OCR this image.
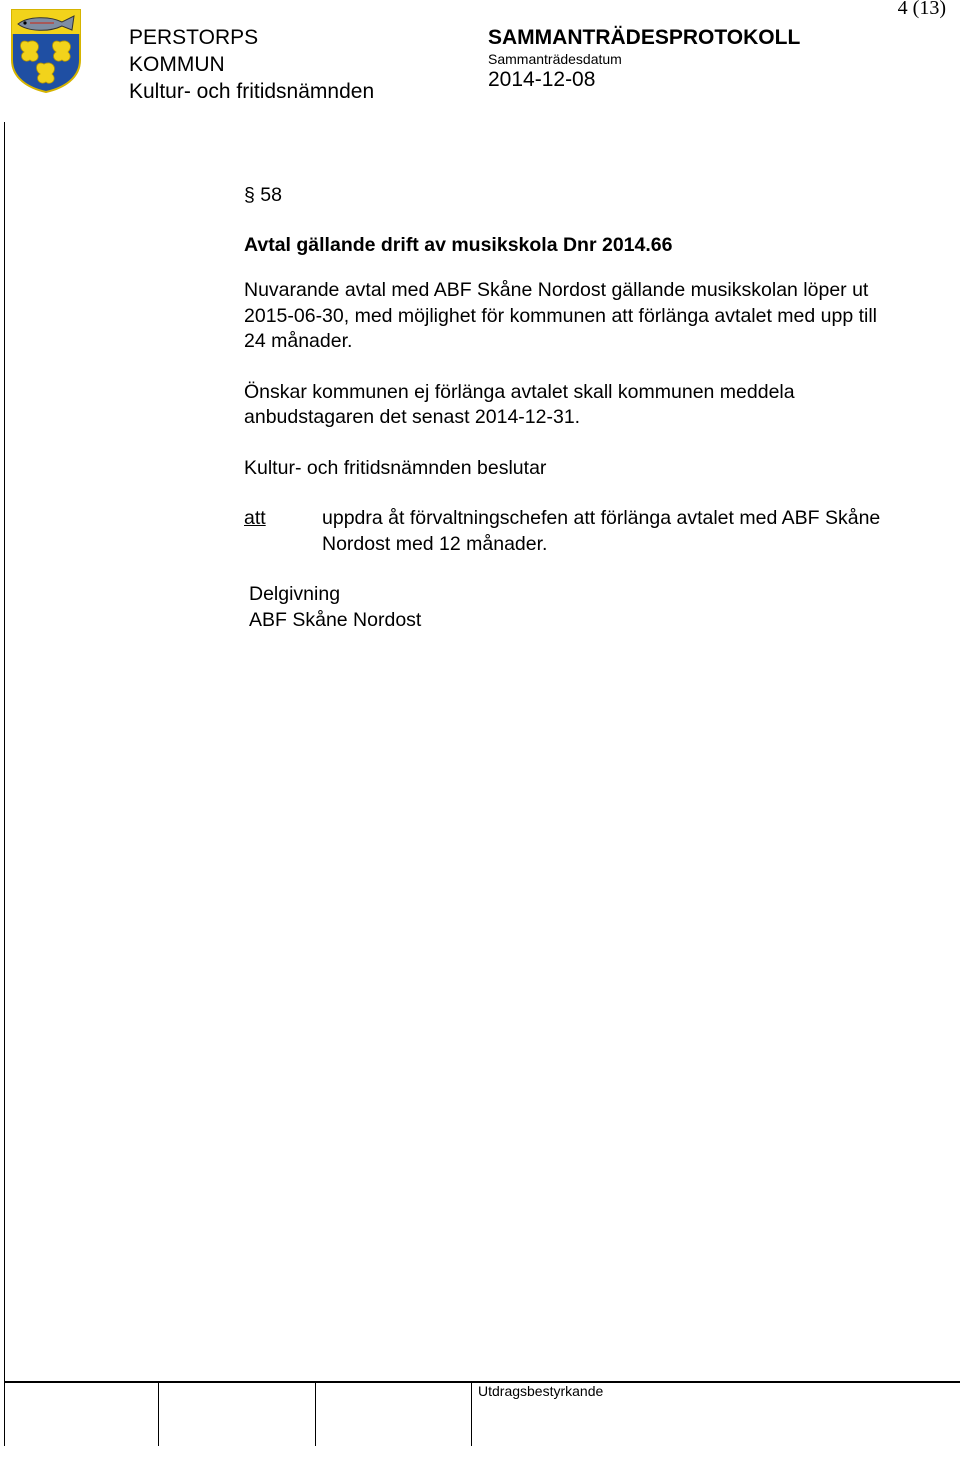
4 (13)
PERSTORPS
KOMMUN
Kultur- och fritidsnämnden
SAMMANTRÄDESPROTOKOLL
Sammanträdesdatum
2014-12-08

§ 58

Avtal gällande drift av musikskola Dnr 2014.66

Nuvarande avtal med ABF Skåne Nordost gällande musikskolan löper ut 2015-06-30, med möjlighet för kommunen att förlänga avtalet med upp till 24 månader.

Önskar kommunen ej förlänga avtalet skall kommunen meddela anbudstagaren det senast 2014-12-31.

Kultur- och fritidsnämnden beslutar

att	uppdra åt förvaltningschefen att förlänga avtalet med ABF Skåne Nordost med 12 månader.
Delgivning
ABF Skåne Nordost
Utdragsbestyrkande
